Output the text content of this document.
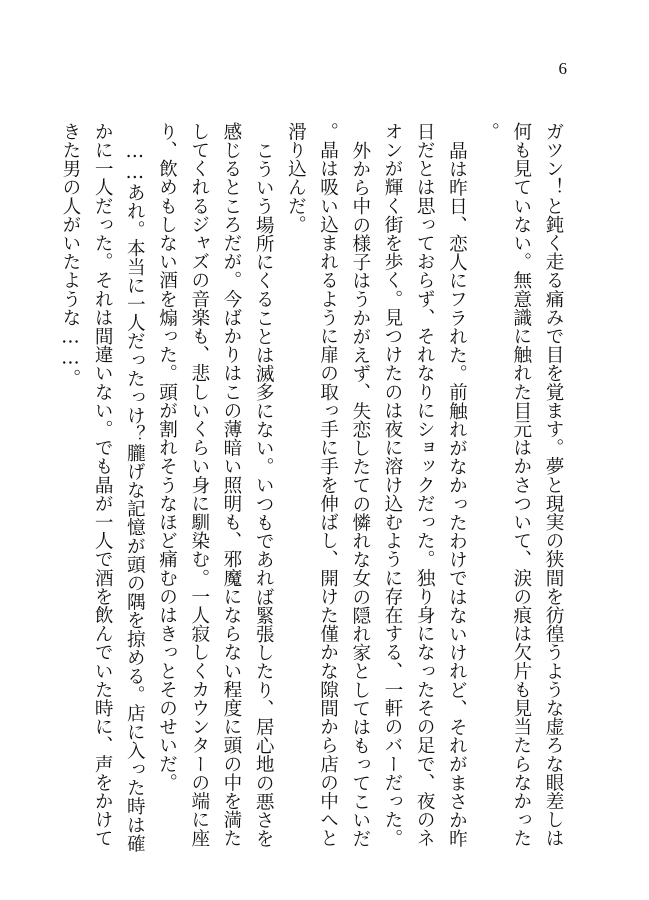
6

ガツン！と鈍く走る痛みで目を覚ます。夢と現実の狭間を彷徨うような虚ろな眼差しは何も見ていない。無意識に触れた目元はかさついて、涙の痕は欠片も見当たらなかった。

晶は昨日、恋人にフラれた。前触れがなかったわけではないけれど、それがまさか昨日だとは思っておらず、それなりにショックだった。独り身になったその足で、夜のネオンが輝く街を歩く。見つけたのは夜に溶け込むように存在する、一軒のバーだった。

外から中の様子はうかがえず、失恋したての憐れな女の隠れ家としてはもってこいだ。晶は吸い込まれるように扉の取っ手に手を伸ばし、開けた僅かな隙間から店の中へと滑り込んだ。

こういう場所にくることは滅多にない。いつもであれば緊張したり、居心地の悪さを感じるところだが。今ばかりはこの薄暗い照明も、邪魔にならない程度に頭の中を満たしてくれるジャズの音楽も、悲しいくらい身に馴染む。一人寂しくカウンターの端に座り、飲めもしない酒を煽った。頭が割れそうなほど痛むのはきっとそのせいだ。

……あれ。本当に一人だったっけ？朧げな記憶が頭の隅を掠める。店に入った時は確かに一人だった。それは間違いない。でも晶が一人で酒を飲んでいた時に、声をかけてきた男の人がいたような……。
